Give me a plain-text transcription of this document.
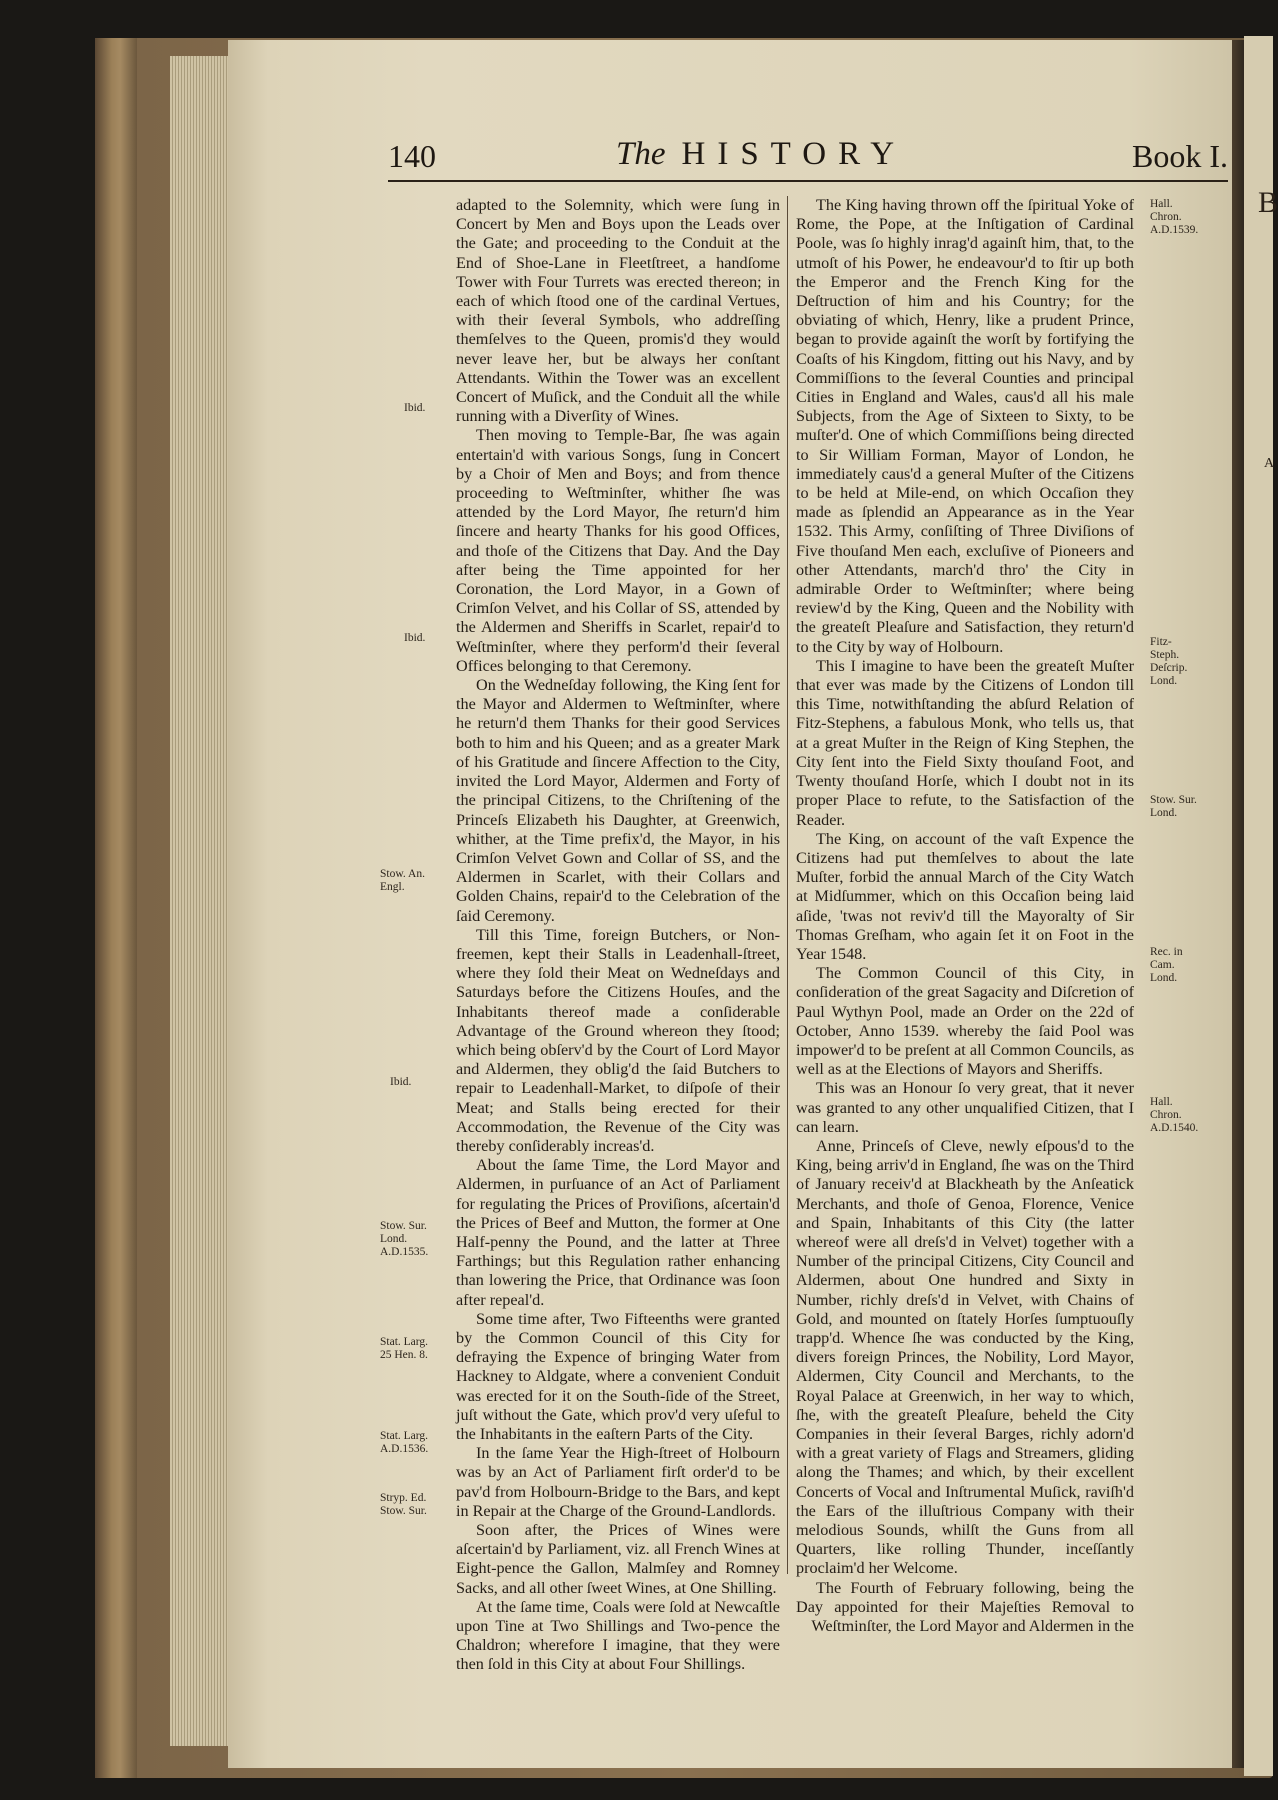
B
A
140	The HISTORY	Book I.

adapted to the Solemnity, which were ſung in Concert by Men and Boys upon the Leads over the Gate; and proceeding to the Conduit at the End of Shoe-Lane in Fleetſtreet, a handſome Tower with Four Turrets was erected thereon; in each of which ſtood one of the cardinal Vertues, with their ſeveral Symbols, who addreſſing themſelves to the Queen, promis'd they would never leave her, but be always her conſtant Attendants. Within the Tower was an excellent Concert of Muſick, and the Conduit all the while running with a Diverſity of Wines.

Then moving to Temple-Bar, ſhe was again entertain'd with various Songs, ſung in Concert by a Choir of Men and Boys; and from thence proceeding to Weſtminſter, whither ſhe was attended by the Lord Mayor, ſhe return'd him ſincere and hearty Thanks for his good Offices, and thoſe of the Citizens that Day. And the Day after being the Time appointed for her Coronation, the Lord Mayor, in a Gown of Crimſon Velvet, and his Collar of SS, attended by the Aldermen and Sheriffs in Scarlet, repair'd to Weſtminſter, where they perform'd their ſeveral Offices belonging to that Ceremony.

On the Wedneſday following, the King ſent for the Mayor and Aldermen to Weſtminſter, where he return'd them Thanks for their good Services both to him and his Queen; and as a greater Mark of his Gratitude and ſincere Affection to the City, invited the Lord Mayor, Aldermen and Forty of the principal Citizens, to the Chriſtening of the Princeſs Elizabeth his Daughter, at Greenwich, whither, at the Time prefix'd, the Mayor, in his Crimſon Velvet Gown and Collar of SS, and the Aldermen in Scarlet, with their Collars and Golden Chains, repair'd to the Celebration of the ſaid Ceremony.

Till this Time, foreign Butchers, or Non-freemen, kept their Stalls in Leadenhall-ſtreet, where they ſold their Meat on Wedneſdays and Saturdays before the Citizens Houſes, and the Inhabitants thereof made a conſiderable Advantage of the Ground whereon they ſtood; which being obſerv'd by the Court of Lord Mayor and Aldermen, they oblig'd the ſaid Butchers to repair to Leadenhall-Market, to diſpoſe of their Meat; and Stalls being erected for their Accommodation, the Revenue of the City was thereby conſiderably increas'd.

About the ſame Time, the Lord Mayor and Aldermen, in purſuance of an Act of Parliament for regulating the Prices of Proviſions, aſcertain'd the Prices of Beef and Mutton, the former at One Half-penny the Pound, and the latter at Three Farthings; but this Regulation rather enhancing than lowering the Price, that Ordinance was ſoon after repeal'd.

Some time after, Two Fifteenths were granted by the Common Council of this City for defraying the Expence of bringing Water from Hackney to Aldgate, where a convenient Conduit was erected for it on the South-ſide of the Street, juſt without the Gate, which prov'd very uſeful to the Inhabitants in the eaſtern Parts of the City.

In the ſame Year the High-ſtreet of Holbourn was by an Act of Parliament firſt order'd to be pav'd from Holbourn-Bridge to the Bars, and kept in Repair at the Charge of the Ground-Landlords.

Soon after, the Prices of Wines were aſcertain'd by Parliament, viz. all French Wines at Eight-pence the Gallon, Malmſey and Romney Sacks, and all other ſweet Wines, at One Shilling.

At the ſame time, Coals were ſold at Newcaſtle upon Tine at Two Shillings and Two-pence the Chaldron; wherefore I imagine, that they were then ſold in this City at about Four Shillings.

The King having thrown off the ſpiritual Yoke of Rome, the Pope, at the Inſtigation of Cardinal Poole, was ſo highly inrag'd againſt him, that, to the utmoſt of his Power, he endeavour'd to ſtir up both the Emperor and the French King for the Deſtruction of him and his Country; for the obviating of which, Henry, like a prudent Prince, began to provide againſt the worſt by fortifying the Coaſts of his Kingdom, fitting out his Navy, and by Commiſſions to the ſeveral Counties and principal Cities in England and Wales, caus'd all his male Subjects, from the Age of Sixteen to Sixty, to be muſter'd. One of which Commiſſions being directed to Sir William Forman, Mayor of London, he immediately caus'd a general Muſter of the Citizens to be held at Mile-end, on which Occaſion they made as ſplendid an Appearance as in the Year 1532. This Army, conſiſting of Three Diviſions of Five thouſand Men each, excluſive of Pioneers and other Attendants, march'd thro' the City in admirable Order to Weſtminſter; where being review'd by the King, Queen and the Nobility with the greateſt Pleaſure and Satisfaction, they return'd to the City by way of Holbourn.

This I imagine to have been the greateſt Muſter that ever was made by the Citizens of London till this Time, notwithſtanding the abſurd Relation of Fitz-Stephens, a fabulous Monk, who tells us, that at a great Muſter in the Reign of King Stephen, the City ſent into the Field Sixty thouſand Foot, and Twenty thouſand Horſe, which I doubt not in its proper Place to refute, to the Satisfaction of the Reader.

The King, on account of the vaſt Expence the Citizens had put themſelves to about the late Muſter, forbid the annual March of the City Watch at Midſummer, which on this Occaſion being laid aſide, 'twas not reviv'd till the Mayoralty of Sir Thomas Greſham, who again ſet it on Foot in the Year 1548.

The Common Council of this City, in conſideration of the great Sagacity and Diſcretion of Paul Wythyn Pool, made an Order on the 22d of October, Anno 1539. whereby the ſaid Pool was impower'd to be preſent at all Common Councils, as well as at the Elections of Mayors and Sheriffs.

This was an Honour ſo very great, that it never was granted to any other unqualified Citizen, that I can learn.

Anne, Princeſs of Cleve, newly eſpous'd to the King, being arriv'd in England, ſhe was on the Third of January receiv'd at Blackheath by the Anſeatick Merchants, and thoſe of Genoa, Florence, Venice and Spain, Inhabitants of this City (the latter whereof were all dreſs'd in Velvet) together with a Number of the principal Citizens, City Council and Aldermen, about One hundred and Sixty in Number, richly dreſs'd in Velvet, with Chains of Gold, and mounted on ſtately Horſes ſumptuouſly trapp'd. Whence ſhe was conducted by the King, divers foreign Princes, the Nobility, Lord Mayor, Aldermen, City Council and Merchants, to the Royal Palace at Greenwich, in her way to which, ſhe, with the greateſt Pleaſure, beheld the City Companies in their ſeveral Barges, richly adorn'd with a great variety of Flags and Streamers, gliding along the Thames; and which, by their excellent Concerts of Vocal and Inſtrumental Muſick, raviſh'd the Ears of the illuſtrious Company with their melodious Sounds, whilſt the Guns from all Quarters, like rolling Thunder, inceſſantly proclaim'd her Welcome.

The Fourth of February following, being the Day appointed for their Majeſties Removal to Weſtminſter, the Lord Mayor and Aldermen in the

Ibid.
Ibid.
Stow. An.
Engl.
Ibid.
Stow. Sur.
Lond.
A.D.1535.
Stat. Larg.
25 Hen. 8.
Stat. Larg.
A.D.1536.
Stryp. Ed.
Stow. Sur.
Hall.
Chron.
A.D.1539.
Fitz-
Steph.
Deſcrip.
Lond.
Stow. Sur.
Lond.
Rec. in
Cam.
Lond.
Hall.
Chron.
A.D.1540.
